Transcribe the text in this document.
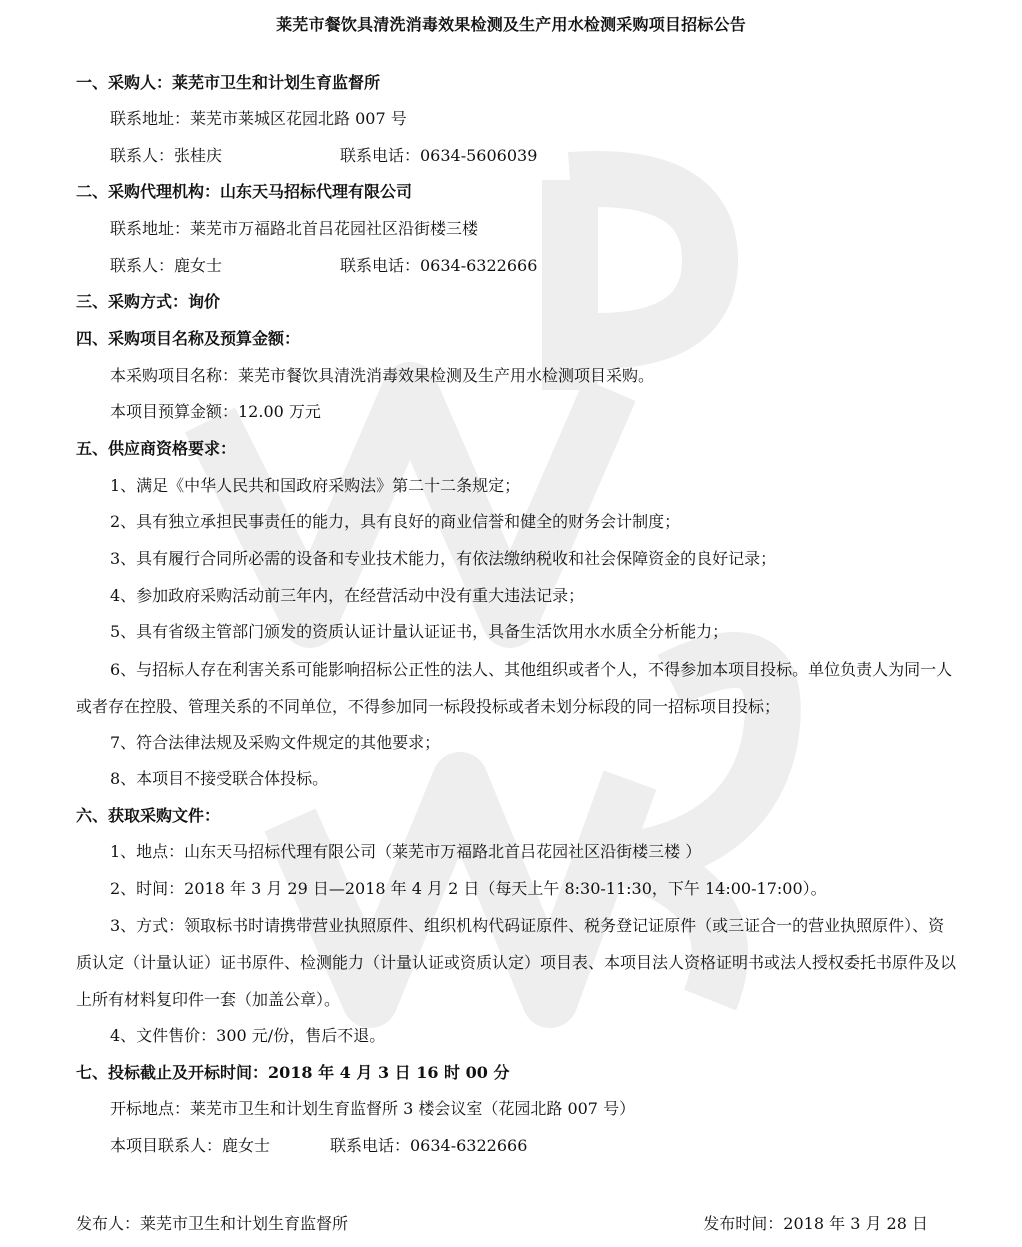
莱芜市餐饮具清洗消毒效果检测及生产用水检测采购项目招标公告
一、采购人：莱芜市卫生和计划生育监督所
联系地址：莱芜市莱城区花园北路 007 号
联系人：张桂庆	联系电话：0634-5606039
二、采购代理机构：山东天马招标代理有限公司
联系地址：莱芜市万福路北首吕花园社区沿街楼三楼
联系人：鹿女士	联系电话：0634-6322666
三、采购方式：询价
四、采购项目名称及预算金额：
本采购项目名称：莱芜市餐饮具清洗消毒效果检测及生产用水检测项目采购。
本项目预算金额：12.00 万元
五、供应商资格要求：
1、满足《中华人民共和国政府采购法》第二十二条规定；
2、具有独立承担民事责任的能力，具有良好的商业信誉和健全的财务会计制度；
3、具有履行合同所必需的设备和专业技术能力，有依法缴纳税收和社会保障资金的良好记录；
4、参加政府采购活动前三年内，在经营活动中没有重大违法记录；
5、具有省级主管部门颁发的资质认证计量认证证书，具备生活饮用水水质全分析能力；
6、与招标人存在利害关系可能影响招标公正性的法人、其他组织或者个人，不得参加本项目投标。单位负责人为同一人或者存在控股、管理关系的不同单位，不得参加同一标段投标或者未划分标段的同一招标项目投标；
7、符合法律法规及采购文件规定的其他要求；
8、本项目不接受联合体投标。
六、获取采购文件：
1、地点：山东天马招标代理有限公司（莱芜市万福路北首吕花园社区沿街楼三楼 ）
2、时间：2018 年 3 月 29 日—2018 年 4 月 2 日（每天上午 8:30-11:30，下午 14:00-17:00）。
3、方式：领取标书时请携带营业执照原件、组织机构代码证原件、税务登记证原件（或三证合一的营业执照原件）、资质认定（计量认证）证书原件、检测能力（计量认证或资质认定）项目表、本项目法人资格证明书或法人授权委托书原件及以上所有材料复印件一套（加盖公章）。
4、文件售价：300 元/份，售后不退。
七、投标截止及开标时间：2018 年 4 月 3 日 16 时 00 分
开标地点：莱芜市卫生和计划生育监督所 3 楼会议室（花园北路 007 号）
本项目联系人：鹿女士	联系电话：0634-6322666
发布人：莱芜市卫生和计划生育监督所	发布时间：2018 年 3 月 28 日
